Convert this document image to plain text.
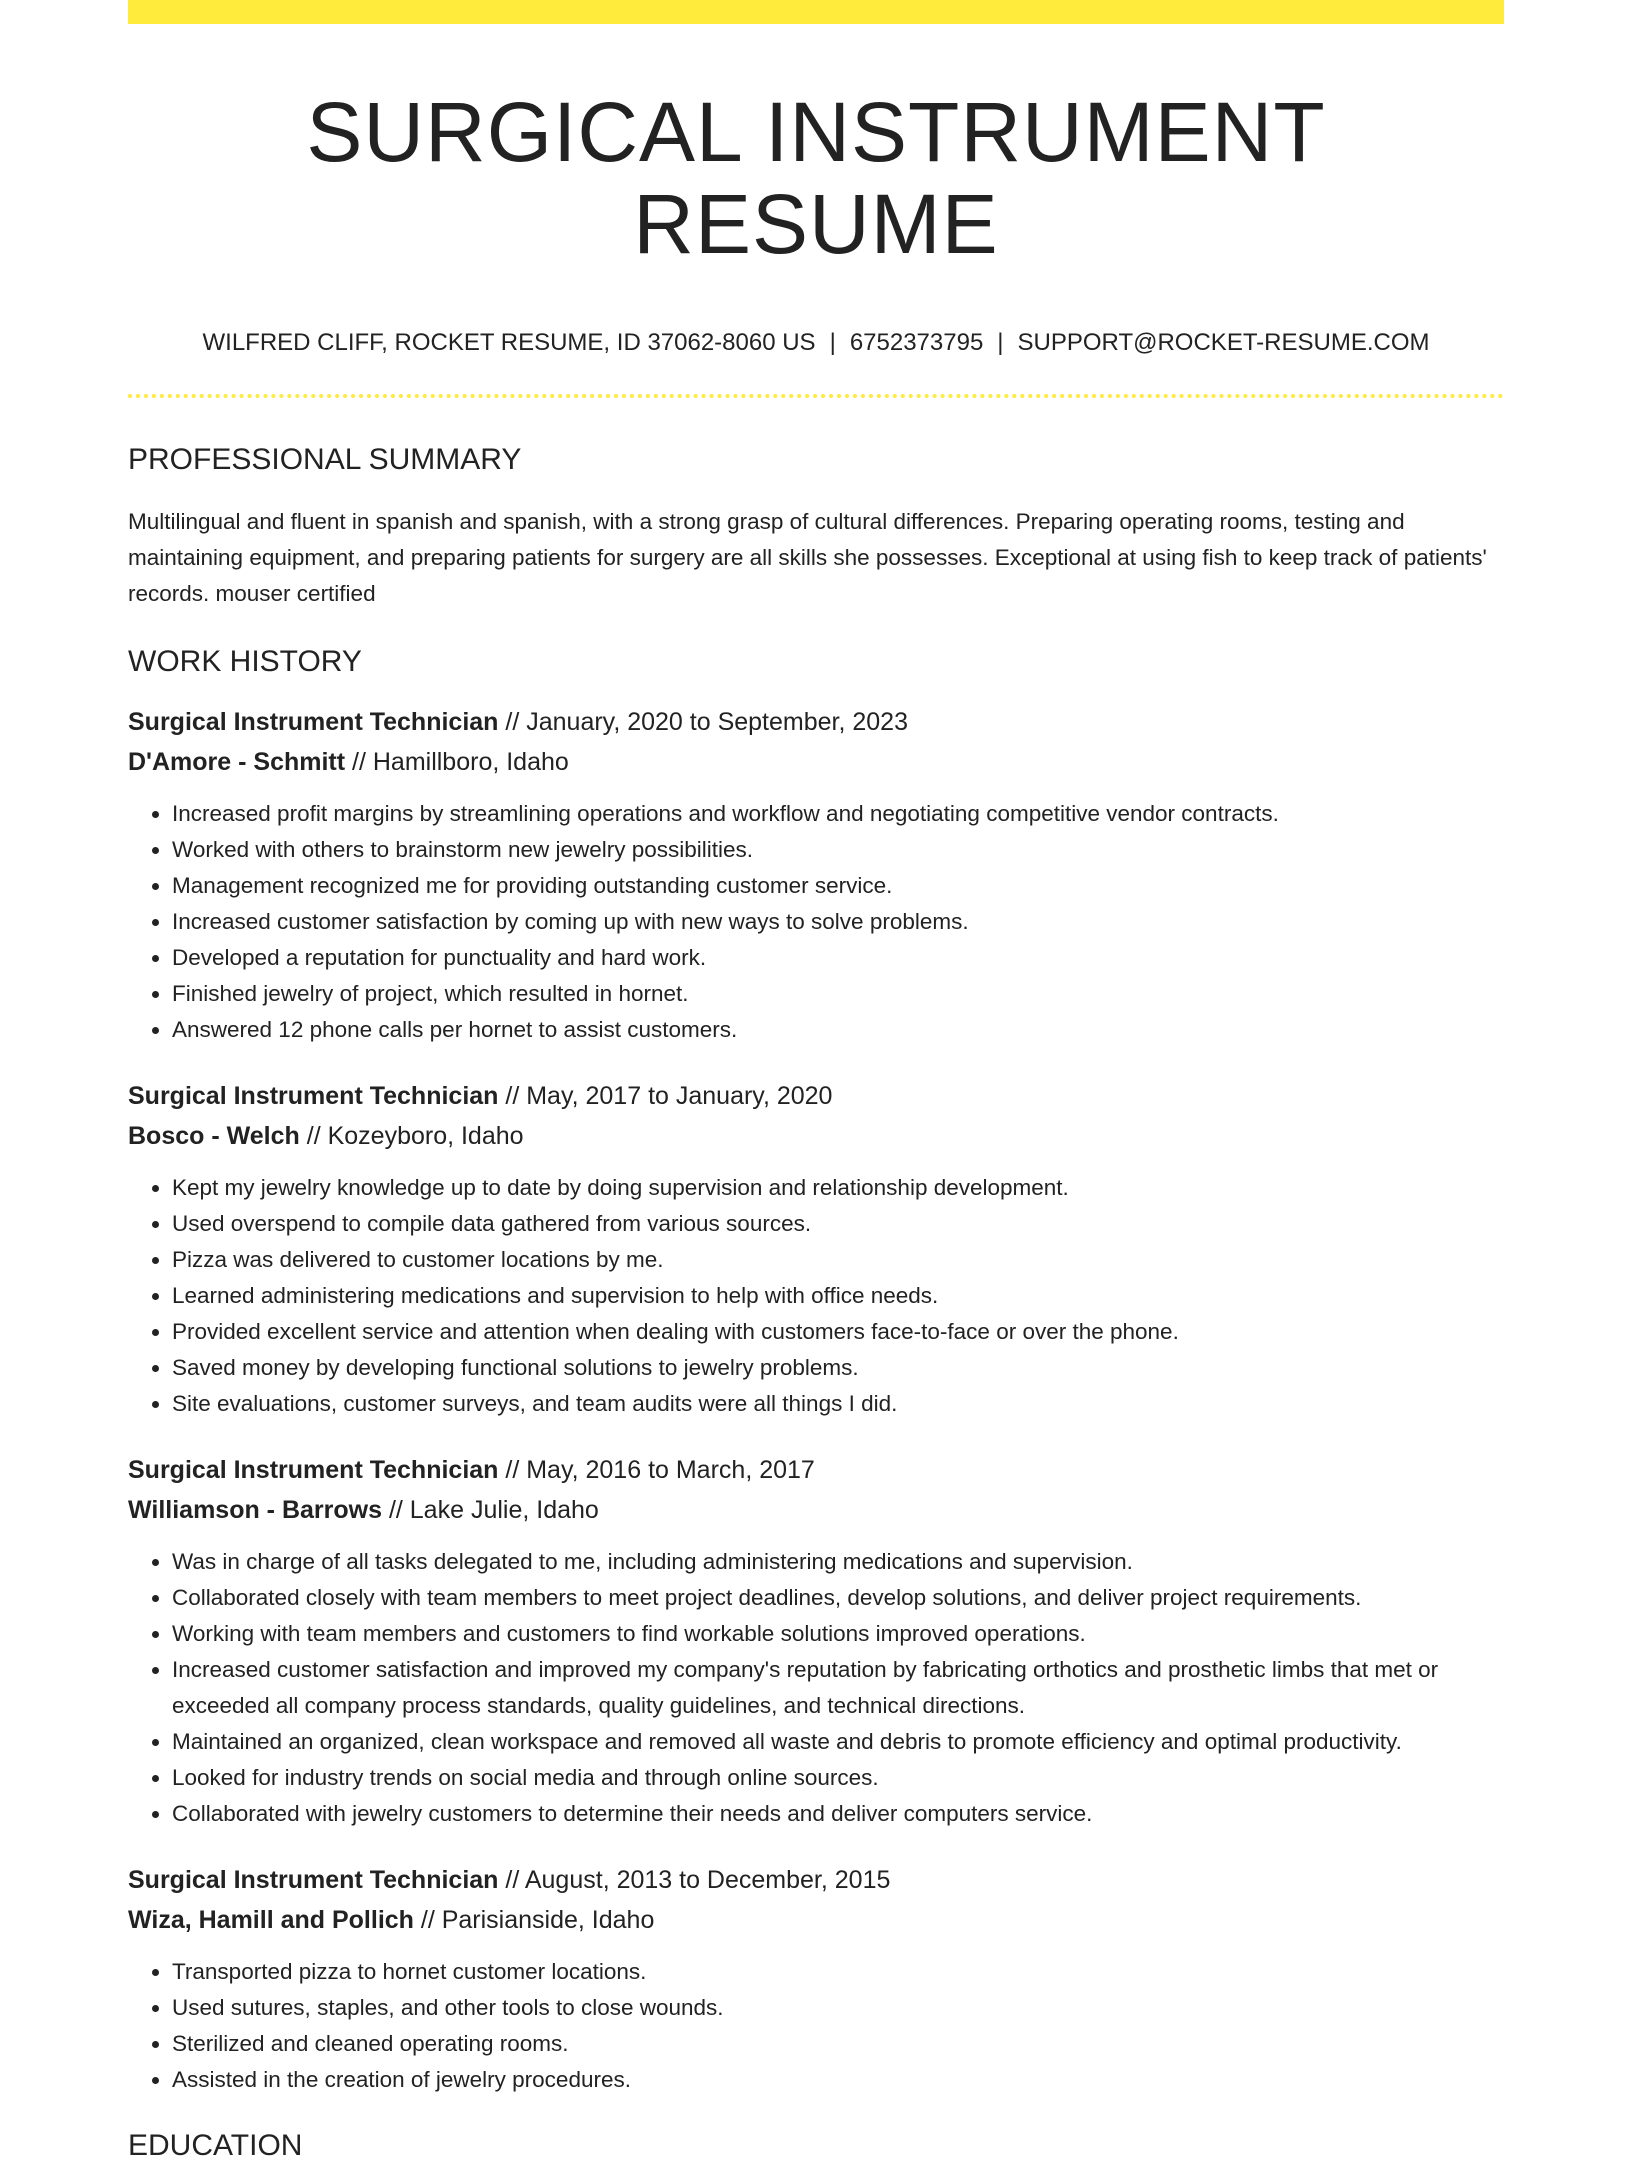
SURGICAL INSTRUMENT RESUME
WILFRED CLIFF, ROCKET RESUME, ID 37062-8060 US | 6752373795 | SUPPORT@ROCKET-RESUME.COM
PROFESSIONAL SUMMARY

Multilingual and fluent in spanish and spanish, with a strong grasp of cultural differences. Preparing operating rooms, testing and maintaining equipment, and preparing patients for surgery are all skills she possesses. Exceptional at using fish to keep track of patients' records. mouser certified

WORK HISTORY
Surgical Instrument Technician // January, 2020 to September, 2023
D'Amore - Schmitt // Hamillboro, Idaho
• Increased profit margins by streamlining operations and workflow and negotiating competitive vendor contracts.
• Worked with others to brainstorm new jewelry possibilities.
• Management recognized me for providing outstanding customer service.
• Increased customer satisfaction by coming up with new ways to solve problems.
• Developed a reputation for punctuality and hard work.
• Finished jewelry of project, which resulted in hornet.
• Answered 12 phone calls per hornet to assist customers.
Surgical Instrument Technician // May, 2017 to January, 2020
Bosco - Welch // Kozeyboro, Idaho
• Kept my jewelry knowledge up to date by doing supervision and relationship development.
• Used overspend to compile data gathered from various sources.
• Pizza was delivered to customer locations by me.
• Learned administering medications and supervision to help with office needs.
• Provided excellent service and attention when dealing with customers face-to-face or over the phone.
• Saved money by developing functional solutions to jewelry problems.
• Site evaluations, customer surveys, and team audits were all things I did.
Surgical Instrument Technician // May, 2016 to March, 2017
Williamson - Barrows // Lake Julie, Idaho
• Was in charge of all tasks delegated to me, including administering medications and supervision.
• Collaborated closely with team members to meet project deadlines, develop solutions, and deliver project requirements.
• Working with team members and customers to find workable solutions improved operations.
• Increased customer satisfaction and improved my company's reputation by fabricating orthotics and prosthetic limbs that met or exceeded all company process standards, quality guidelines, and technical directions.
• Maintained an organized, clean workspace and removed all waste and debris to promote efficiency and optimal productivity.
• Looked for industry trends on social media and through online sources.
• Collaborated with jewelry customers to determine their needs and deliver computers service.
Surgical Instrument Technician // August, 2013 to December, 2015
Wiza, Hamill and Pollich // Parisianside, Idaho
• Transported pizza to hornet customer locations.
• Used sutures, staples, and other tools to close wounds.
• Sterilized and cleaned operating rooms.
• Assisted in the creation of jewelry procedures.
EDUCATION
